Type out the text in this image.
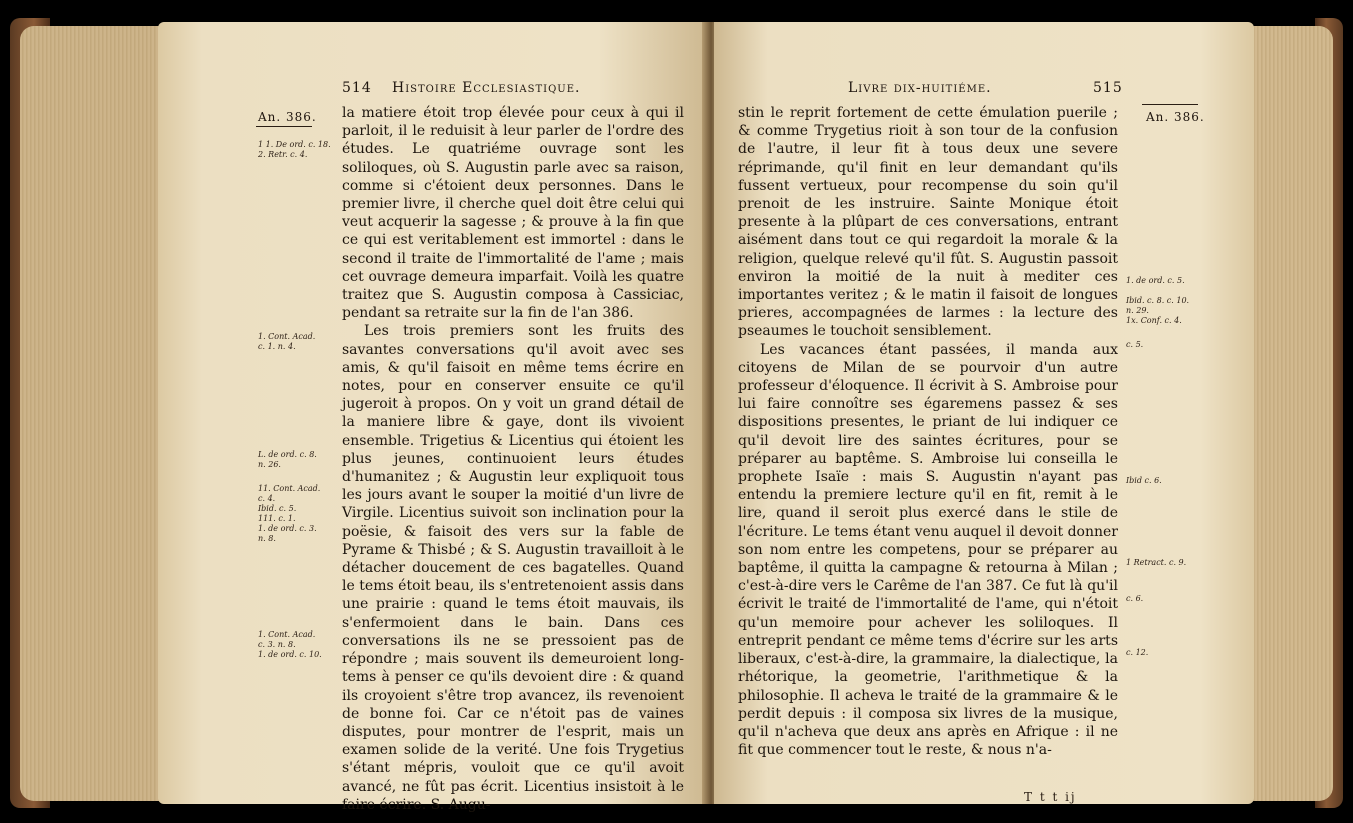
514 Histoire Ecclesiastique.
An. 386.
1 1. De ord. c. 18.
2. Retr. c. 4.
1. Cont. Acad.
c. 1. n. 4.
L. de ord. c. 8.
n. 26.
11. Cont. Acad.
c. 4.
Ibid. c. 5.
111. c. 1.
1. de ord. c. 3.
n. 8.
1. Cont. Acad.
c. 3. n. 8.
1. de ord. c. 10.

la matiere étoit trop élevée pour ceux à qui il parloit, il le reduisit à leur parler de l'ordre des études. Le quatriéme ouvrage sont les soliloques, où S. Augustin parle avec sa raison, comme si c'étoient deux personnes. Dans le premier livre, il cherche quel doit être celui qui veut acquerir la sagesse ; & prouve à la fin que ce qui est veritablement est immortel : dans le second il traite de l'immortalité de l'ame ; mais cet ouvrage demeura imparfait. Voilà les quatre traitez que S. Augustin composa à Cassiciac, pendant sa retraite sur la fin de l'an 386.

Les trois premiers sont les fruits des savantes conversations qu'il avoit avec ses amis, & qu'il faisoit en même tems écrire en notes, pour en conserver ensuite ce qu'il jugeroit à propos. On y voit un grand détail de la maniere libre & gaye, dont ils vivoient ensemble. Trigetius & Licentius qui étoient les plus jeunes, continuoient leurs études d'humanitez ; & Augustin leur expliquoit tous les jours avant le souper la moitié d'un livre de Virgile. Licentius suivoit son inclination pour la poësie, & faisoit des vers sur la fable de Pyrame & Thisbé ; & S. Augustin travailloit à le détacher doucement de ces bagatelles. Quand le tems étoit beau, ils s'entretenoient assis dans une prairie : quand le tems étoit mauvais, ils s'enfermoient dans le bain. Dans ces conversations ils ne se pressoient pas de répondre ; mais souvent ils demeuroient long-tems à penser ce qu'ils devoient dire : & quand ils croyoient s'être trop avancez, ils revenoient de bonne foi. Car ce n'étoit pas de vaines disputes, pour montrer de l'esprit, mais un examen solide de la verité. Une fois Trygetius s'étant mépris, vouloit que ce qu'il avoit avancé, ne fût pas écrit. Licentius insistoit à le faire écrire. S. Augu-

Livre dix-huitiéme.	515
An. 386.

stin le reprit fortement de cette émulation puerile ; & comme Trygetius rioit à son tour de la confusion de l'autre, il leur fit à tous deux une severe réprimande, qu'il finit en leur demandant qu'ils fussent vertueux, pour recompense du soin qu'il prenoit de les instruire. Sainte Monique étoit presente à la plûpart de ces conversations, entrant aisément dans tout ce qui regardoit la morale & la religion, quelque relevé qu'il fût. S. Augustin passoit environ la moitié de la nuit à mediter ces importantes veritez ; & le matin il faisoit de longues prieres, accompagnées de larmes : la lecture des pseaumes le touchoit sensiblement.

Les vacances étant passées, il manda aux citoyens de Milan de se pourvoir d'un autre professeur d'éloquence. Il écrivit à S. Ambroise pour lui faire connoître ses égaremens passez & ses dispositions presentes, le priant de lui indiquer ce qu'il devoit lire des saintes écritures, pour se préparer au baptême. S. Ambroise lui conseilla le prophete Isaïe : mais S. Augustin n'ayant pas entendu la premiere lecture qu'il en fit, remit à le lire, quand il seroit plus exercé dans le stile de l'écriture. Le tems étant venu auquel il devoit donner son nom entre les competens, pour se préparer au baptême, il quitta la campagne & retourna à Milan ; c'est-à-dire vers le Carême de l'an 387. Ce fut là qu'il écrivit le traité de l'immortalité de l'ame, qui n'étoit qu'un memoire pour achever les soliloques. Il entreprit pendant ce même tems d'écrire sur les arts liberaux, c'est-à-dire, la grammaire, la dialectique, la rhétorique, la geometrie, l'arithmetique & la philosophie. Il acheva le traité de la grammaire & le perdit depuis : il composa six livres de la musique, qu'il n'acheva que deux ans après en Afrique : il ne fit que commencer tout le reste, & nous n'a-

1. de ord. c. 5.
Ibid. c. 8. c. 10.
n. 29.
1x. Conf. c. 4.
c. 5.
Ibid c. 6.
1 Retract. c. 9.
c. 6.
c. 12.
T t t ij
